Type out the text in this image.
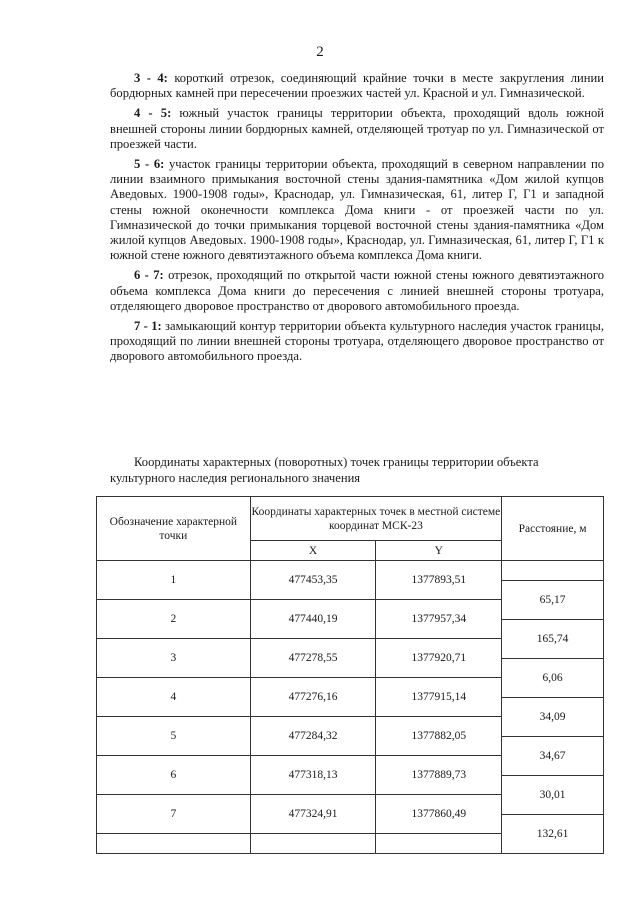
2

3 - 4: короткий отрезок, соединяющий крайние точки в месте закругления линии бордюрных камней при пересечении проезжих частей ул. Красной и ул. Гимназической.

4 - 5: южный участок границы территории объекта, проходящий вдоль южной внешней стороны линии бордюрных камней, отделяющей тротуар по ул. Гимназической от проезжей части.

5 - 6: участок границы территории объекта, проходящий в северном направлении по линии взаимного примыкания восточной стены здания-памятника «Дом жилой купцов Аведовых. 1900-1908 годы», Краснодар, ул. Гимназическая, 61, литер Г, Г1 и западной стены южной оконечности комплекса Дома книги - от проезжей части по ул. Гимназической до точки примыкания торцевой восточной стены здания-памятника «Дом жилой купцов Аведовых. 1900-1908 годы», Краснодар, ул. Гимназическая, 61, литер Г, Г1 к южной стене южного девятиэтажного объема комплекса Дома книги.

6 - 7: отрезок, проходящий по открытой части южной стены южного девятиэтажного объема комплекса Дома книги до пересечения с линией внешней стороны тротуара, отделяющего дворовое пространство от дворового автомобильного проезда.

7 - 1: замыкающий контур территории объекта культурного наследия участок границы, проходящий по линии внешней стороны тротуара, отделяющего дворовое пространство от дворового автомобильного проезда.

Координаты характерных (поворотных) точек границы территории объекта культурного наследия регионального значения
Обозначение характерной точки	Координаты характерных точек в местной системе координат МСК-23		Расстояние, м
	X	Y	
1	477453,35	1377893,51	
			65,17
2	477440,19	1377957,34	
			165,74
3	477278,55	1377920,71	
			6,06
4	477276,16	1377915,14	
			34,09
5	477284,32	1377882,05	
			34,67
6	477318,13	1377889,73	
			30,01
7	477324,91	1377860,49	
			132,61
